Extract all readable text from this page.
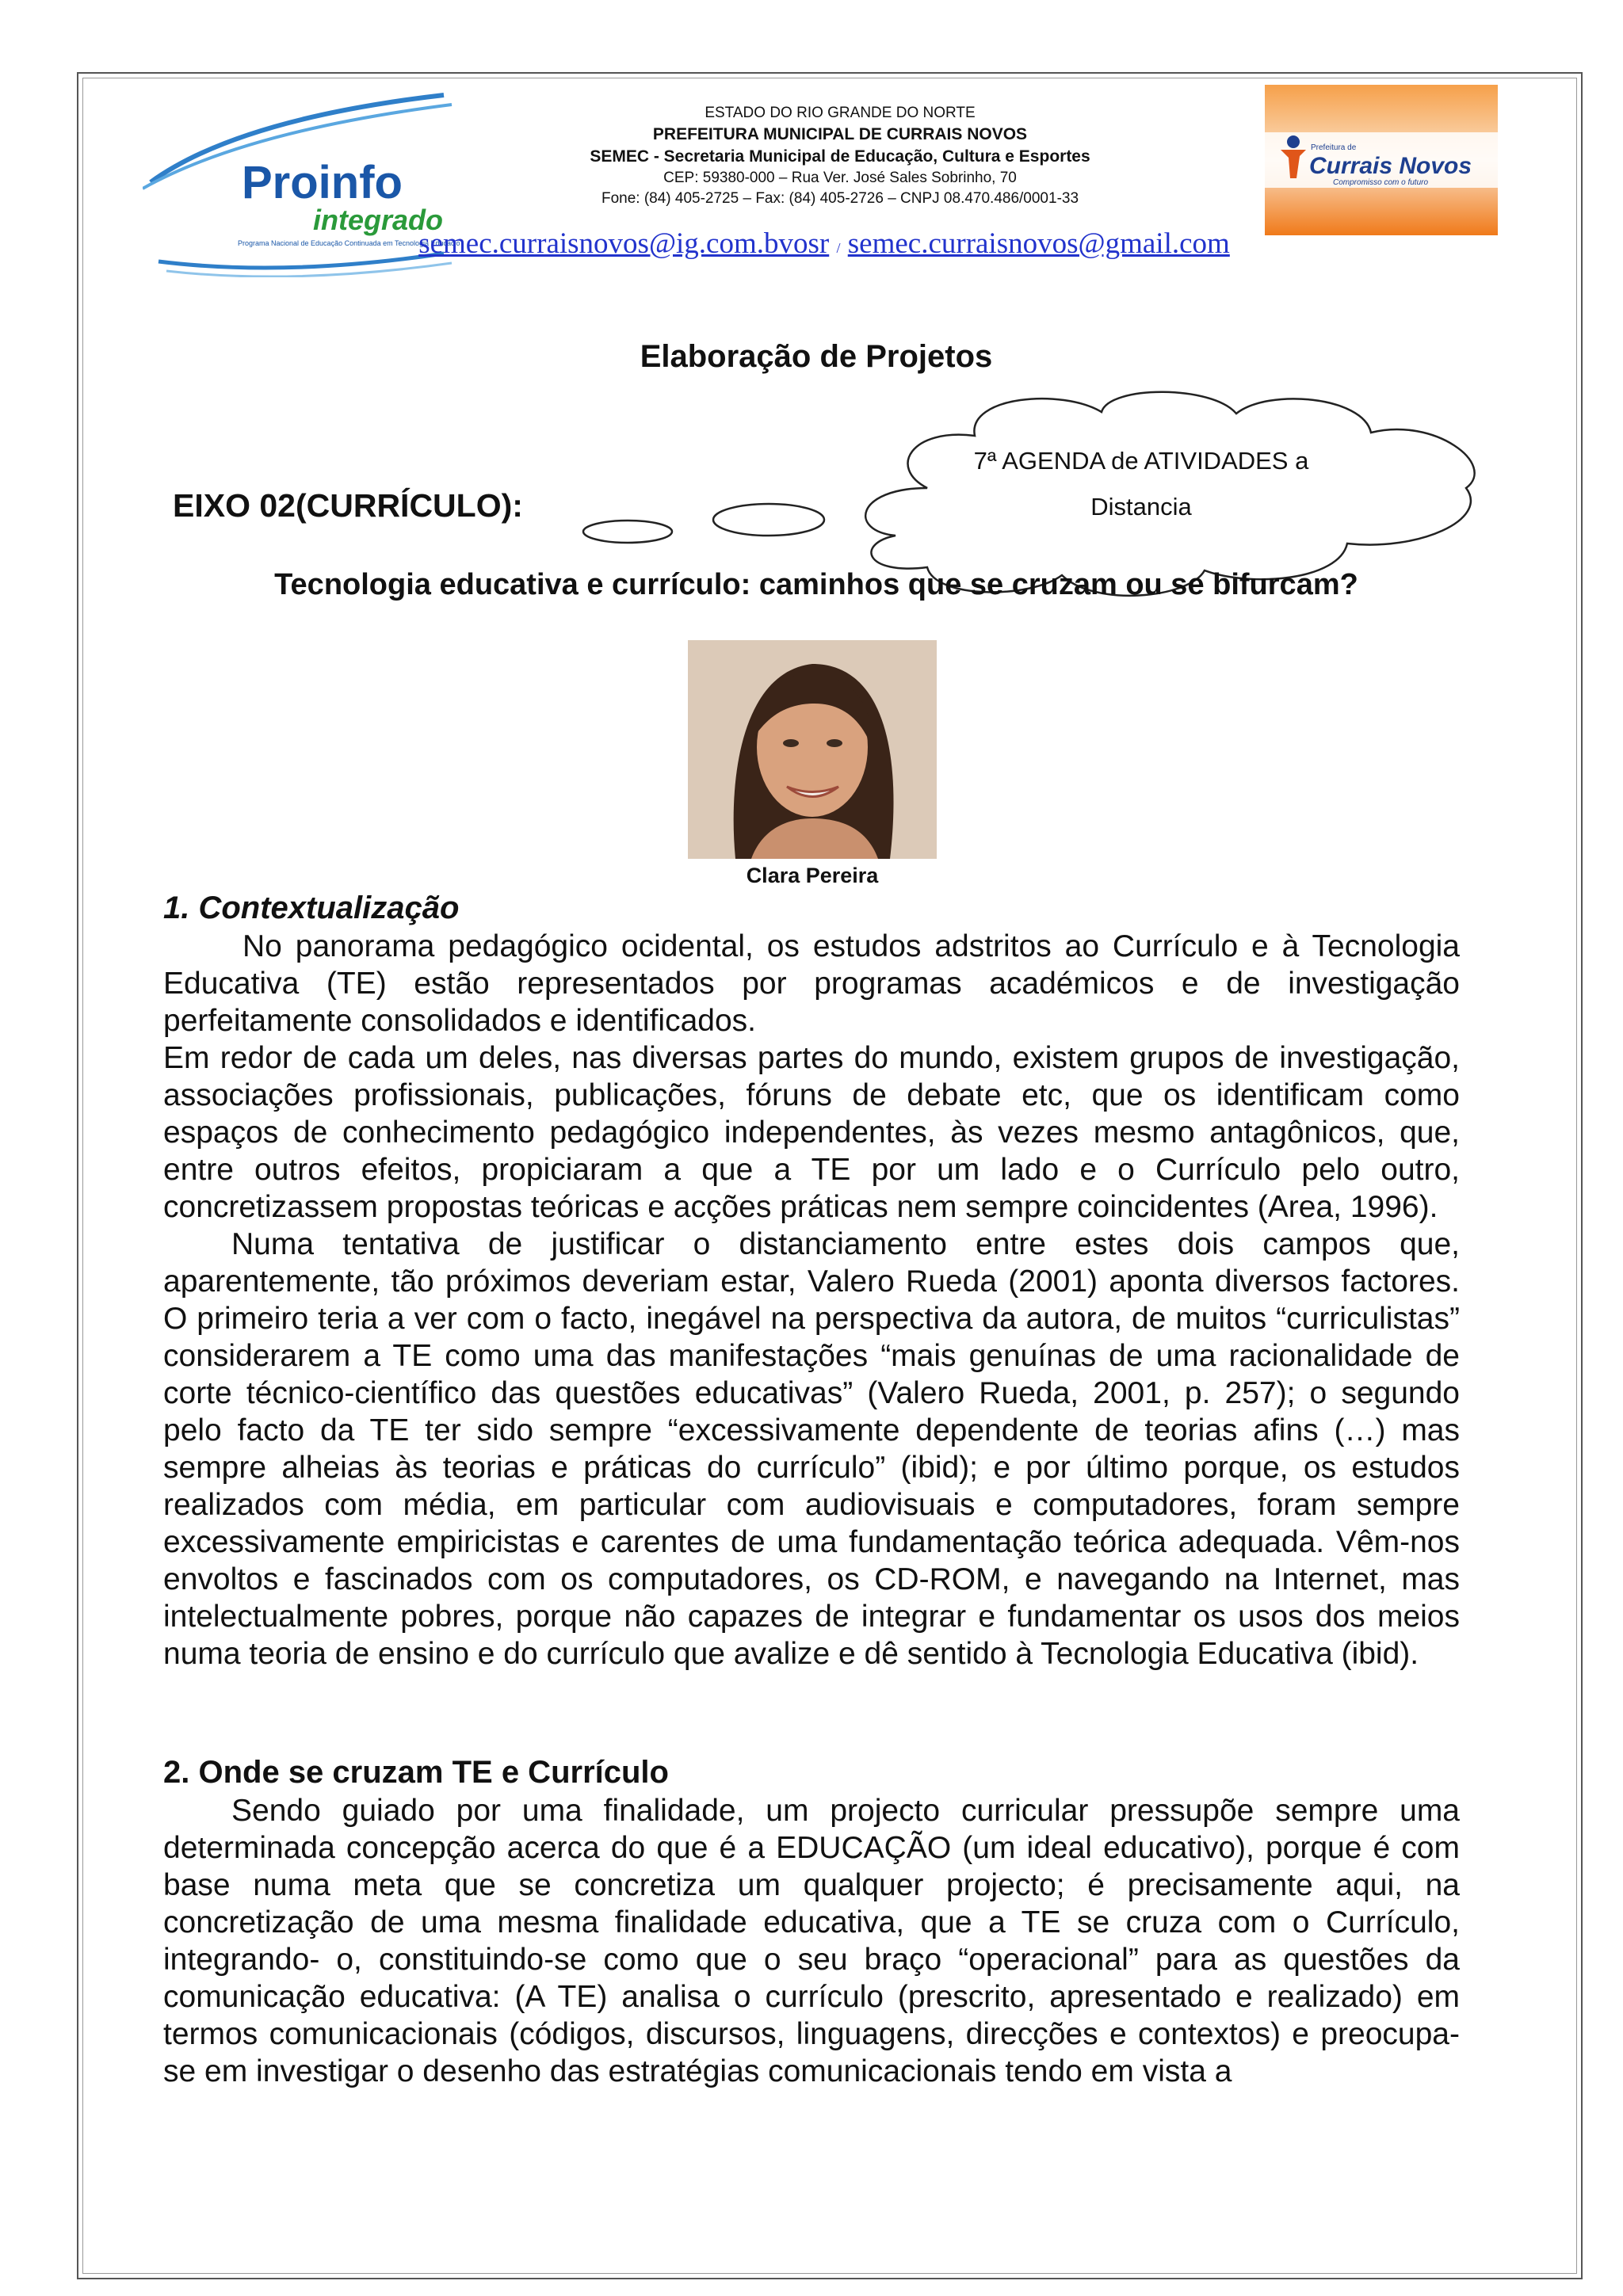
Proinfo
integrado
Programa Nacional de Educação Continuada em Tecnologia Educacional
ESTADO DO RIO GRANDE DO NORTE
PREFEITURA MUNICIPAL DE CURRAIS NOVOS
SEMEC - Secretaria Municipal de Educação, Cultura e Esportes
CEP: 59380-000 – Rua Ver. José Sales Sobrinho, 70
Fone: (84) 405-2725 – Fax: (84) 405-2726 – CNPJ 08.470.486/0001-33
Prefeitura de
Currais Novos
Compromisso com o futuro
semec.curraisnovos@ig.com.bvosr / semec.curraisnovos@gmail.com
Elaboração de Projetos
7ª AGENDA de ATIVIDADES a
Distancia
EIXO 02(CURRÍCULO):
Tecnologia educativa e currículo: caminhos que se cruzam ou se bifurcam?
Clara Pereira
1. Contextualização
No panorama pedagógico ocidental, os estudos adstritos ao Currículo e à Tecnologia Educativa (TE) estão representados por programas académicos e de investigação perfeitamente consolidados e identificados.
Em redor de cada um deles, nas diversas partes do mundo, existem grupos de investigação, associações profissionais, publicações, fóruns de debate etc, que os identificam como espaços de conhecimento pedagógico independentes, às vezes mesmo antagônicos, que, entre outros efeitos, propiciaram a que a TE por um lado e o Currículo pelo outro, concretizassem propostas teóricas e acções práticas nem sempre coincidentes (Area, 1996).
Numa tentativa de justificar o distanciamento entre estes dois campos que, aparentemente, tão próximos deveriam estar, Valero Rueda (2001) aponta diversos factores. O primeiro teria a ver com o facto, inegável na perspectiva da autora, de muitos “curriculistas” considerarem a TE como uma das manifestações “mais genuínas de uma racionalidade de corte técnico-científico das questões educativas” (Valero Rueda, 2001, p. 257); o segundo pelo facto da TE ter sido sempre “excessivamente dependente de teorias afins (…) mas sempre alheias às teorias e práticas do currículo” (ibid); e por último porque, os estudos realizados com média, em particular com audiovisuais e computadores, foram sempre excessivamente empiricistas e carentes de uma fundamentação teórica adequada. Vêm-nos envoltos e fascinados com os computadores, os CD-ROM, e navegando na Internet, mas intelectualmente pobres, porque não capazes de integrar e fundamentar os usos dos meios numa teoria de ensino e do currículo que avalize e dê sentido à Tecnologia Educativa (ibid).
2. Onde se cruzam TE e Currículo
Sendo guiado por uma finalidade, um projecto curricular pressupõe sempre uma determinada concepção acerca do que é a EDUCAÇÃO (um ideal educativo), porque é com base numa meta que se concretiza um qualquer projecto; é precisamente aqui, na concretização de uma mesma finalidade educativa, que a TE se cruza com o Currículo, integrando- o, constituindo-se como que o seu braço “operacional” para as questões da comunicação educativa: (A TE) analisa o currículo (prescrito, apresentado e realizado) em termos comunicacionais (códigos, discursos, linguagens, direcções e contextos) e preocupa-se em investigar o desenho das estratégias comunicacionais tendo em vista a
